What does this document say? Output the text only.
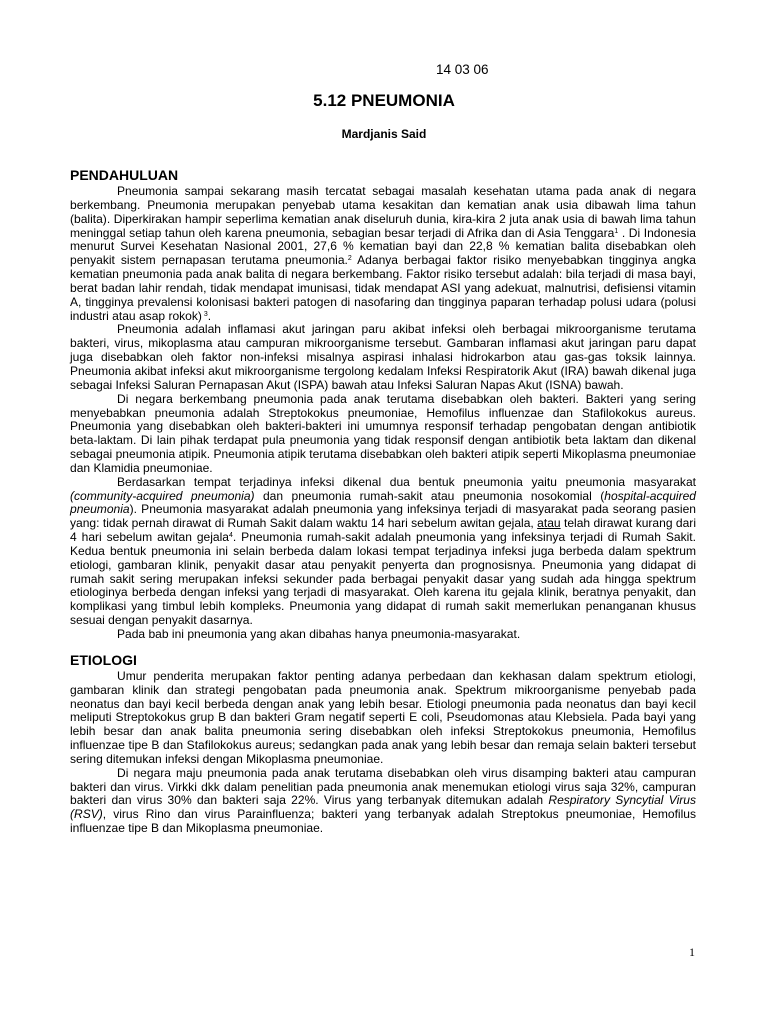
14 03 06
5.12 PNEUMONIA
Mardjanis Said
PENDAHULUAN

Pneumonia sampai sekarang masih tercatat sebagai masalah kesehatan utama pada anak di negara berkembang. Pneumonia merupakan penyebab utama kesakitan dan kematian anak usia dibawah lima tahun (balita). Diperkirakan hampir seperlima kematian anak diseluruh dunia, kira-kira 2 juta anak usia di bawah lima tahun meninggal setiap tahun oleh karena pneumonia, sebagian besar terjadi di Afrika dan di Asia Tenggara$^1$ . Di Indonesia menurut Survei Kesehatan Nasional 2001, 27,6 % kematian bayi dan 22,8 % kematian balita disebabkan oleh penyakit sistem pernapasan terutama pneumonia.$^2$ Adanya berbagai faktor risiko menyebabkan tingginya angka kematian pneumonia pada anak balita di negara berkembang. Faktor risiko tersebut adalah: bila terjadi di masa bayi, berat badan lahir rendah, tidak mendapat imunisasi, tidak mendapat ASI yang adekuat, malnutrisi, defisiensi vitamin A, tingginya prevalensi kolonisasi bakteri patogen di nasofaring dan tingginya paparan terhadap polusi udara (polusi industri atau asap rokok) $^3$.

Pneumonia adalah inflamasi akut jaringan paru akibat infeksi oleh berbagai mikroorganisme terutama bakteri, virus, mikoplasma atau campuran mikroorganisme tersebut. Gambaran inflamasi akut jaringan paru dapat juga disebabkan oleh faktor non-infeksi misalnya aspirasi inhalasi hidrokarbon atau gas-gas toksik lainnya. Pneumonia akibat infeksi akut mikroorganisme tergolong kedalam Infeksi Respiratorik Akut (IRA) bawah dikenal juga sebagai Infeksi Saluran Pernapasan Akut (ISPA) bawah atau Infeksi Saluran Napas Akut (ISNA) bawah.

Di negara berkembang pneumonia pada anak terutama disebabkan oleh bakteri. Bakteri yang sering menyebabkan pneumonia adalah Streptokokus pneumoniae, Hemofilus influenzae dan Stafilokokus aureus. Pneumonia yang disebabkan oleh bakteri-bakteri ini umumnya responsif terhadap pengobatan dengan antibiotik beta-laktam. Di lain pihak terdapat pula pneumonia yang tidak responsif dengan antibiotik beta laktam dan dikenal sebagai pneumonia atipik. Pneumonia atipik terutama disebabkan oleh bakteri atipik seperti Mikoplasma pneumoniae dan Klamidia pneumoniae.

Berdasarkan tempat terjadinya infeksi dikenal dua bentuk pneumonia yaitu pneumonia masyarakat (community-acquired pneumonia) dan pneumonia rumah-sakit atau pneumonia nosokomial (hospital-acquired pneumonia). Pneumonia masyarakat adalah pneumonia yang infeksinya terjadi di masyarakat pada seorang pasien yang: tidak pernah dirawat di Rumah Sakit dalam waktu 14 hari sebelum awitan gejala, atau telah dirawat kurang dari 4 hari sebelum awitan gejala$^4$. Pneumonia rumah-sakit adalah pneumonia yang infeksinya terjadi di Rumah Sakit. Kedua bentuk pneumonia ini selain berbeda dalam lokasi tempat terjadinya infeksi juga berbeda dalam spektrum etiologi, gambaran klinik, penyakit dasar atau penyakit penyerta dan prognosisnya. Pneumonia yang didapat di rumah sakit sering merupakan infeksi sekunder pada berbagai penyakit dasar yang sudah ada hingga spektrum etiologinya berbeda dengan infeksi yang terjadi di masyarakat. Oleh karena itu gejala klinik, beratnya penyakit, dan komplikasi yang timbul lebih kompleks. Pneumonia yang didapat di rumah sakit memerlukan penanganan khusus sesuai dengan penyakit dasarnya.

Pada bab ini pneumonia yang akan dibahas hanya pneumonia-masyarakat.

ETIOLOGI

Umur penderita merupakan faktor penting adanya perbedaan dan kekhasan dalam spektrum etiologi, gambaran klinik dan strategi pengobatan pada pneumonia anak. Spektrum mikroorganisme penyebab pada neonatus dan bayi kecil berbeda dengan anak yang lebih besar. Etiologi pneumonia pada neonatus dan bayi kecil meliputi Streptokokus grup B dan bakteri Gram negatif seperti E coli, Pseudomonas atau Klebsiela. Pada bayi yang lebih besar dan anak balita pneumonia sering disebabkan oleh infeksi Streptokokus pneumonia, Hemofilus influenzae tipe B dan Stafilokokus aureus; sedangkan pada anak yang lebih besar dan remaja selain bakteri tersebut sering ditemukan infeksi dengan Mikoplasma pneumoniae.

Di negara maju pneumonia pada anak terutama disebabkan oleh virus disamping bakteri atau campuran bakteri dan virus. Virkki dkk dalam penelitian pada pneumonia anak menemukan etiologi virus saja 32%, campuran bakteri dan virus 30% dan bakteri saja 22%. Virus yang terbanyak ditemukan adalah Respiratory Syncytial Virus (RSV), virus Rino dan virus Parainfluenza; bakteri yang terbanyak adalah Streptokus pneumoniae, Hemofilus influenzae tipe B dan Mikoplasma pneumoniae.

1
